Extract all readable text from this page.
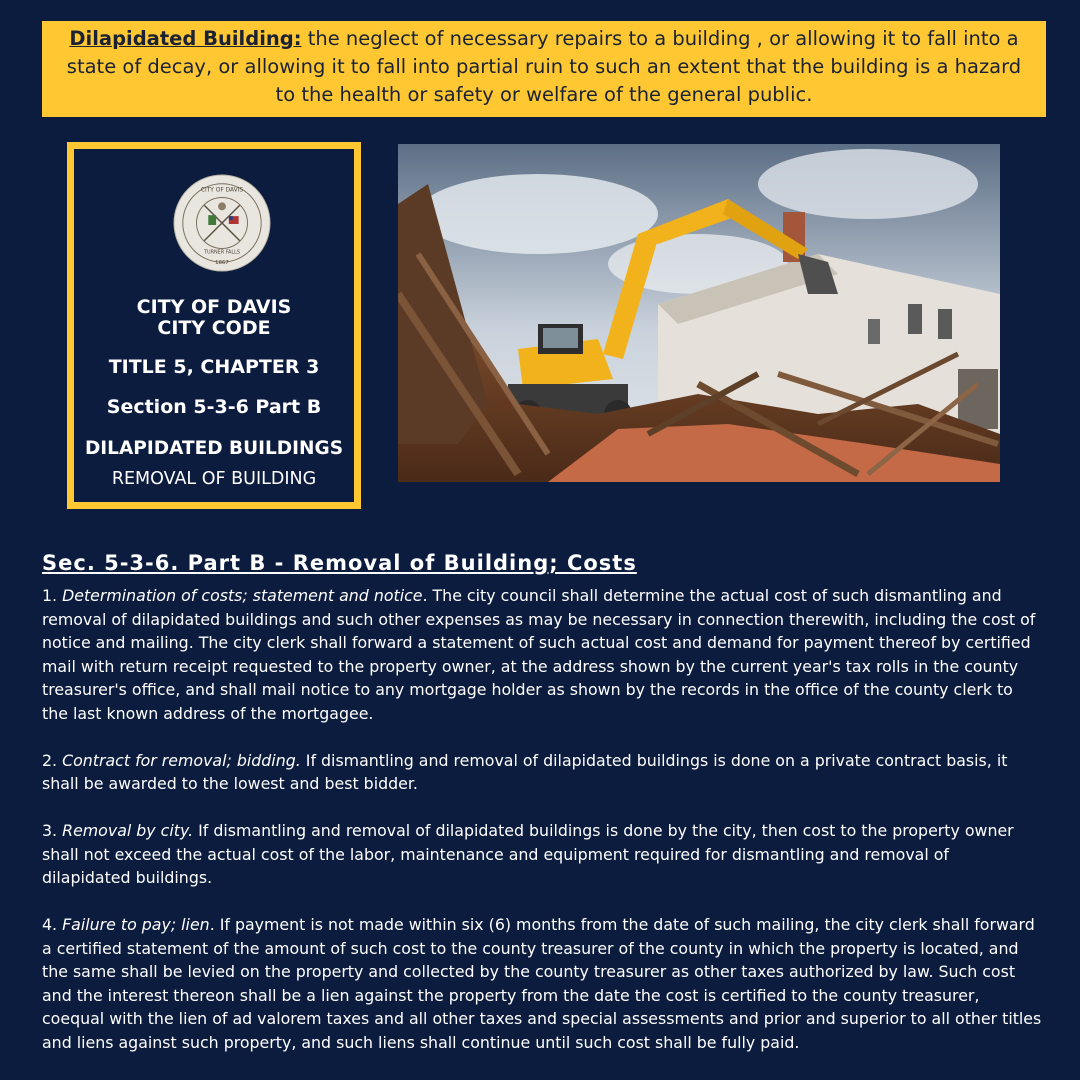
Dilapidated Building: the neglect of necessary repairs to a building , or allowing it to fall into a state of decay, or allowing it to fall into partial ruin to such an extent that the building is a hazard to the health or safety or welfare of the general public.
CITY OF DAVIS
TURNER FALLS
1867
CITY OF DAVIS
CITY CODE
TITLE 5, CHAPTER 3
Section 5-3-6 Part B
DILAPIDATED BUILDINGS
REMOVAL OF BUILDING
Sec. 5-3-6. Part B - Removal of Building; Costs

1. Determination of costs; statement and notice. The city council shall determine the actual cost of such dismantling and removal of dilapidated buildings and such other expenses as may be necessary in connection therewith, including the cost of notice and mailing. The city clerk shall forward a statement of such actual cost and demand for payment thereof by certified mail with return receipt requested to the property owner, at the address shown by the current year's tax rolls in the county treasurer's office, and shall mail notice to any mortgage holder as shown by the records in the office of the county clerk to the last known address of the mortgagee.

2. Contract for removal; bidding. If dismantling and removal of dilapidated buildings is done on a private contract basis, it shall be awarded to the lowest and best bidder.

3. Removal by city. If dismantling and removal of dilapidated buildings is done by the city, then cost to the property owner shall not exceed the actual cost of the labor, maintenance and equipment required for dismantling and removal of dilapidated buildings.

4. Failure to pay; lien. If payment is not made within six (6) months from the date of such mailing, the city clerk shall forward a certified statement of the amount of such cost to the county treasurer of the county in which the property is located, and the same shall be levied on the property and collected by the county treasurer as other taxes authorized by law. Such cost and the interest thereon shall be a lien against the property from the date the cost is certified to the county treasurer, coequal with the lien of ad valorem taxes and all other taxes and special assessments and prior and superior to all other titles and liens against such property, and such liens shall continue until such cost shall be fully paid.
